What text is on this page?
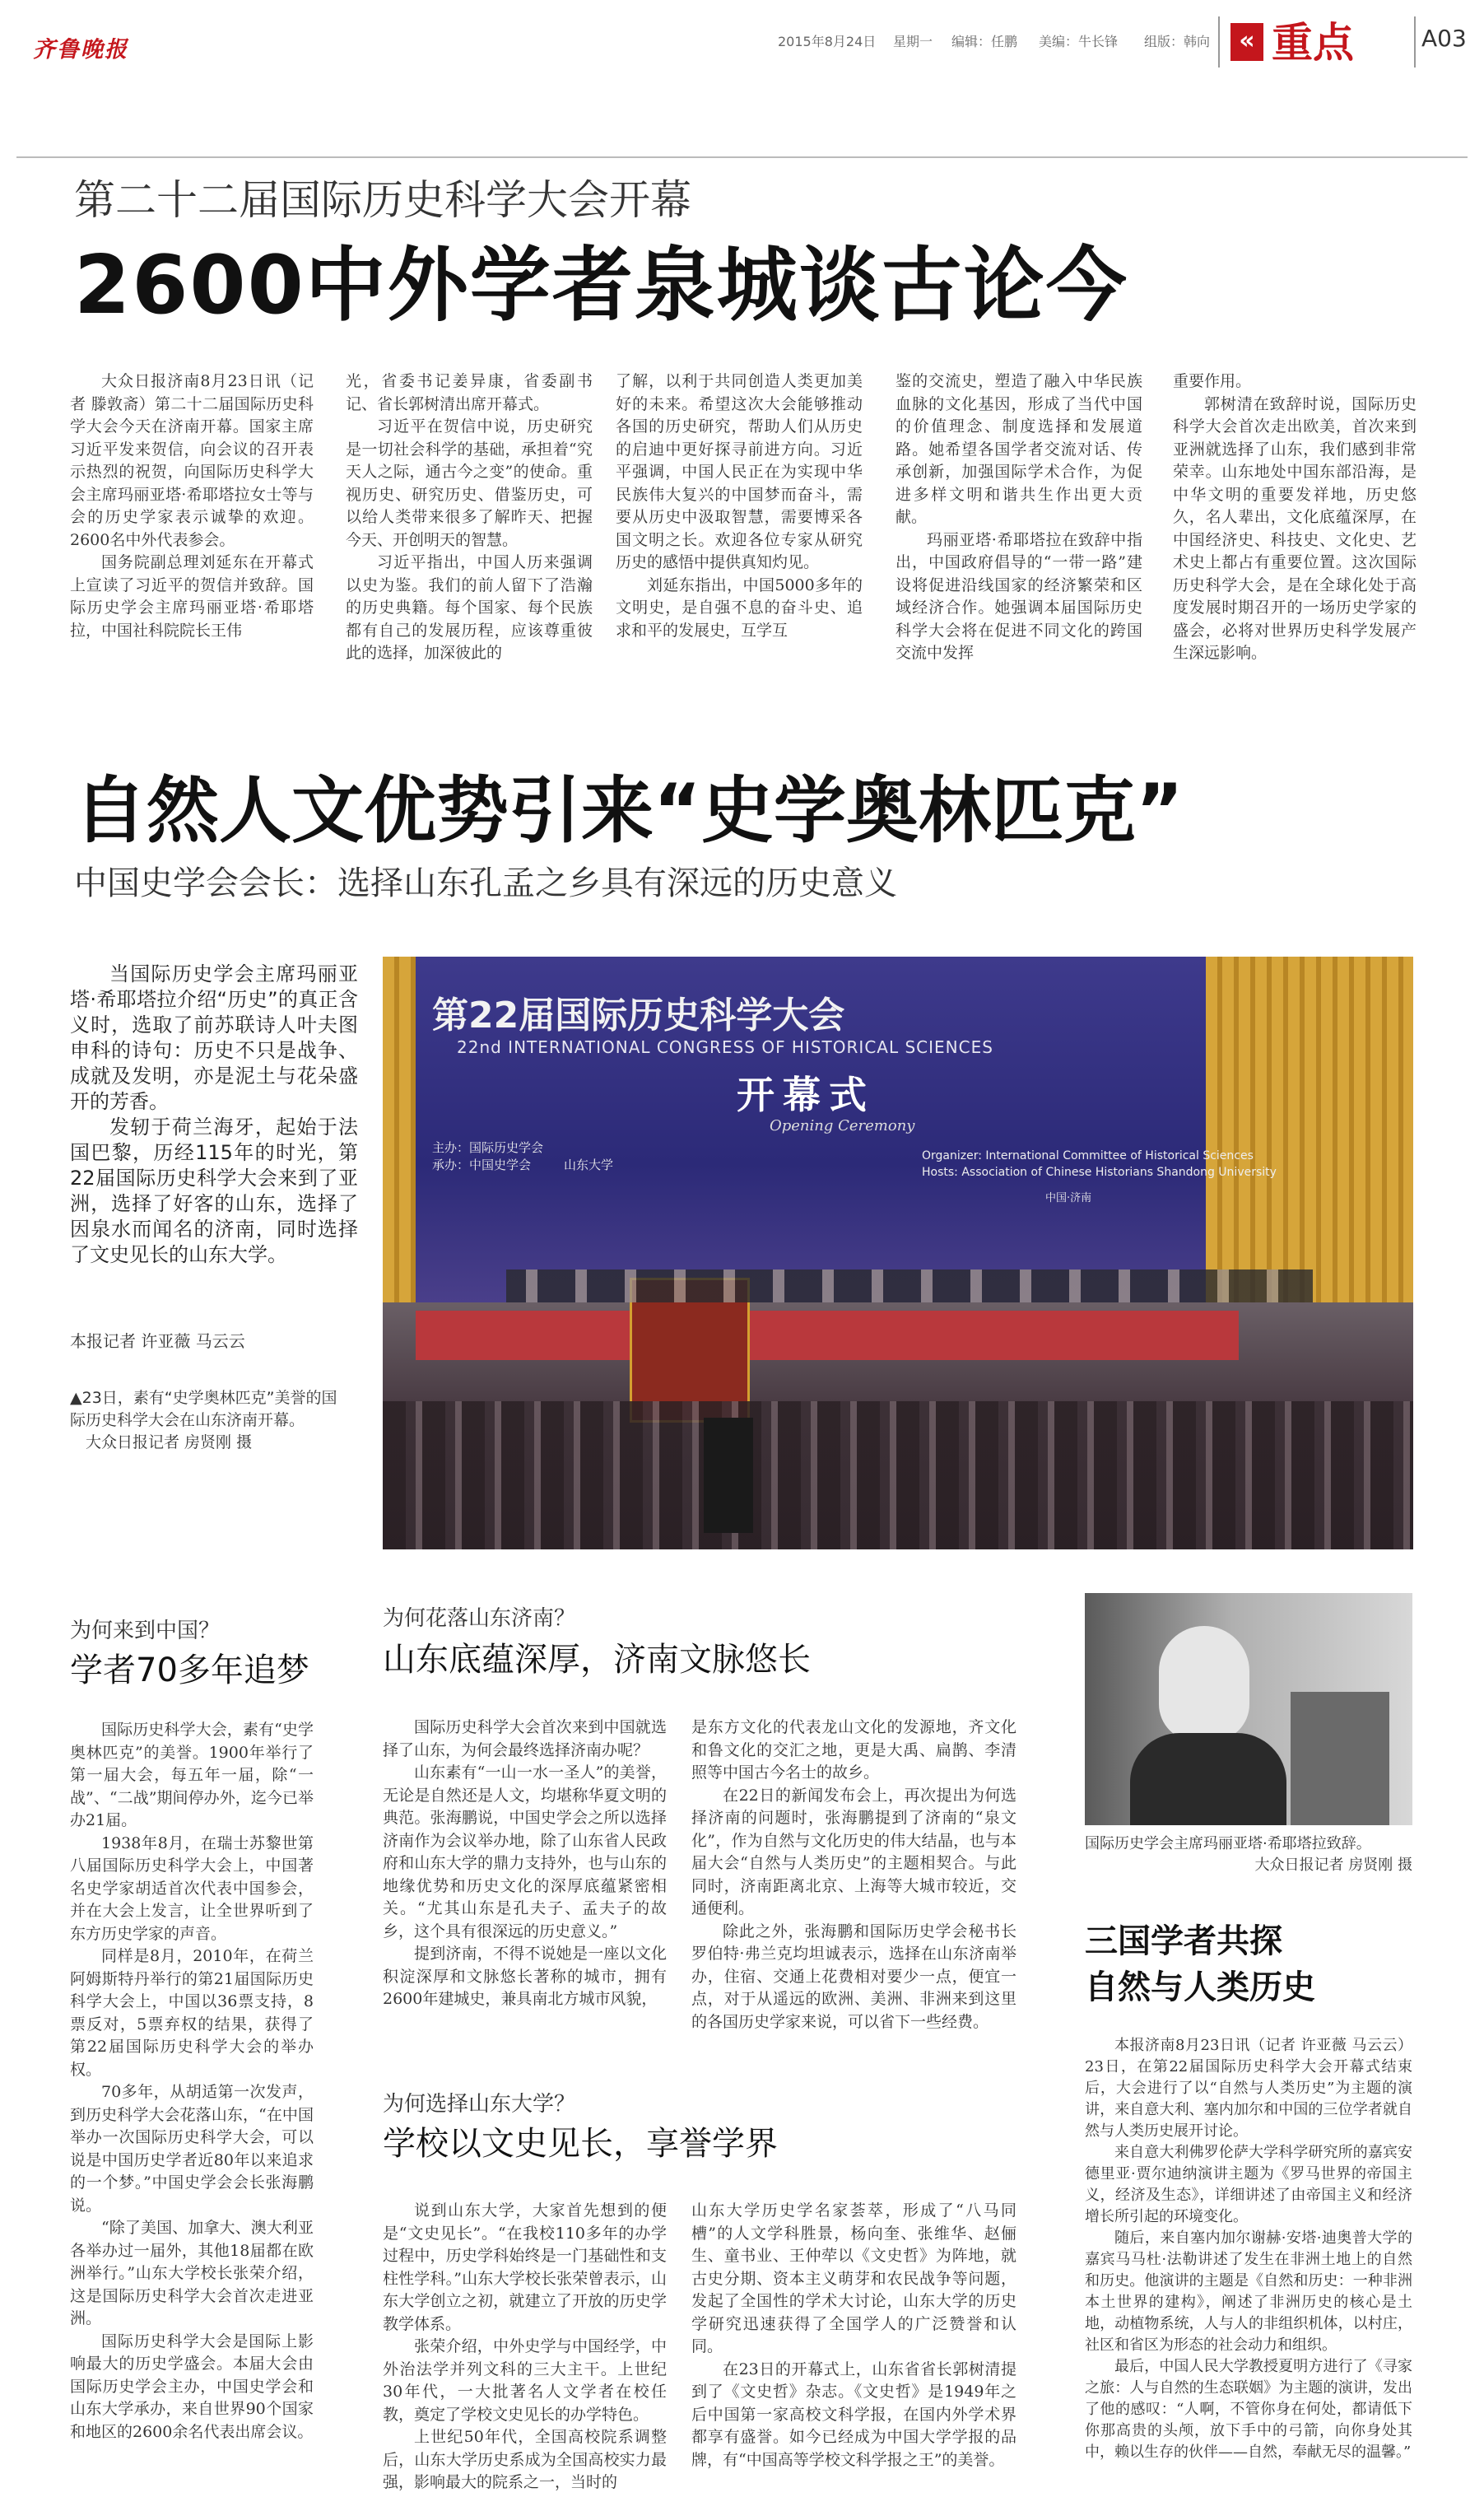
齐鲁晚报	2015年8月24日 星期一 编辑：任鹏 美编：牛长锋 组版：韩向	« 重点	A03
第二十二届国际历史科学大会开幕
2600中外学者泉城谈古论今

大众日报济南8月23日讯（记者 滕敦斋）第二十二届国际历史科学大会今天在济南开幕。国家主席习近平发来贺信，向会议的召开表示热烈的祝贺，向国际历史科学大会主席玛丽亚塔·希耶塔拉女士等与会的历史学家表示诚挚的欢迎。2600名中外代表参会。

国务院副总理刘延东在开幕式上宣读了习近平的贺信并致辞。国际历史学会主席玛丽亚塔·希耶塔拉，中国社科院院长王伟

光，省委书记姜异康，省委副书记、省长郭树清出席开幕式。

习近平在贺信中说，历史研究是一切社会科学的基础，承担着“究天人之际，通古今之变”的使命。重视历史、研究历史、借鉴历史，可以给人类带来很多了解昨天、把握今天、开创明天的智慧。

习近平指出，中国人历来强调以史为鉴。我们的前人留下了浩瀚的历史典籍。每个国家、每个民族都有自己的发展历程，应该尊重彼此的选择，加深彼此的

了解，以利于共同创造人类更加美好的未来。希望这次大会能够推动各国的历史研究，帮助人们从历史的启迪中更好探寻前进方向。习近平强调，中国人民正在为实现中华民族伟大复兴的中国梦而奋斗，需要从历史中汲取智慧，需要博采各国文明之长。欢迎各位专家从研究历史的感悟中提供真知灼见。

刘延东指出，中国5000多年的文明史，是自强不息的奋斗史、追求和平的发展史，互学互

鉴的交流史，塑造了融入中华民族血脉的文化基因，形成了当代中国的价值理念、制度选择和发展道路。她希望各国学者交流对话、传承创新，加强国际学术合作，为促进多样文明和谐共生作出更大贡献。

玛丽亚塔·希耶塔拉在致辞中指出，中国政府倡导的“一带一路”建设将促进沿线国家的经济繁荣和区域经济合作。她强调本届国际历史科学大会将在促进不同文化的跨国交流中发挥

重要作用。

郭树清在致辞时说，国际历史科学大会首次走出欧美，首次来到亚洲就选择了山东，我们感到非常荣幸。山东地处中国东部沿海，是中华文明的重要发祥地，历史悠久，名人辈出，文化底蕴深厚，在中国经济史、科技史、文化史、艺术史上都占有重要位置。这次国际历史科学大会，是在全球化处于高度发展时期召开的一场历史学家的盛会，必将对世界历史科学发展产生深远影响。

自然人文优势引来“史学奥林匹克”
中国史学会会长：选择山东孔孟之乡具有深远的历史意义

当国际历史学会主席玛丽亚塔·希耶塔拉介绍“历史”的真正含义时，选取了前苏联诗人叶夫图申科的诗句：历史不只是战争、成就及发明，亦是泥土与花朵盛开的芳香。

发轫于荷兰海牙，起始于法国巴黎，历经115年的时光，第22届国际历史科学大会来到了亚洲，选择了好客的山东，选择了因泉水而闻名的济南，同时选择了文史见长的山东大学。

本报记者 许亚薇 马云云
▲23日，素有“史学奥林匹克”美誉的国际历史科学大会在山东济南开幕。
大众日报记者 房贤刚 摄
第22届国际历史科学大会
22nd INTERNATIONAL CONGRESS OF HISTORICAL SCIENCES
开幕式
Opening Ceremony
主办：国际历史学会
承办：中国史学会	山东大学
Organizer: International Committee of Historical Sciences
Hosts: Association of Chinese Historians Shandong University
中国·济南
为何来到中国？
学者70多年追梦

国际历史科学大会，素有“史学奥林匹克”的美誉。1900年举行了第一届大会，每五年一届，除“一战”、“二战”期间停办外，迄今已举办21届。

1938年8月，在瑞士苏黎世第八届国际历史科学大会上，中国著名史学家胡适首次代表中国参会，并在大会上发言，让全世界听到了东方历史学家的声音。

同样是8月，2010年，在荷兰阿姆斯特丹举行的第21届国际历史科学大会上，中国以36票支持，8票反对，5票弃权的结果，获得了第22届国际历史科学大会的举办权。

70多年，从胡适第一次发声，到历史科学大会花落山东，“在中国举办一次国际历史科学大会，可以说是中国历史学者近80年以来追求的一个梦。”中国史学会会长张海鹏说。

“除了美国、加拿大、澳大利亚各举办过一届外，其他18届都在欧洲举行。”山东大学校长张荣介绍，这是国际历史科学大会首次走进亚洲。

国际历史科学大会是国际上影响最大的历史学盛会。本届大会由国际历史学会主办，中国史学会和山东大学承办，来自世界90个国家和地区的2600余名代表出席会议。

为何花落山东济南？
山东底蕴深厚，济南文脉悠长

国际历史科学大会首次来到中国就选择了山东，为何会最终选择济南办呢？

山东素有“一山一水一圣人”的美誉，无论是自然还是人文，均堪称华夏文明的典范。张海鹏说，中国史学会之所以选择济南作为会议举办地，除了山东省人民政府和山东大学的鼎力支持外，也与山东的地缘优势和历史文化的深厚底蕴紧密相关。“尤其山东是孔夫子、孟夫子的故乡，这个具有很深远的历史意义。”

提到济南，不得不说她是一座以文化积淀深厚和文脉悠长著称的城市，拥有2600年建城史，兼具南北方城市风貌，

是东方文化的代表龙山文化的发源地，齐文化和鲁文化的交汇之地，更是大禹、扁鹊、李清照等中国古今名士的故乡。

在22日的新闻发布会上，再次提出为何选择济南的问题时，张海鹏提到了济南的“泉文化”，作为自然与文化历史的伟大结晶，也与本届大会“自然与人类历史”的主题相契合。与此同时，济南距离北京、上海等大城市较近，交通便利。

除此之外，张海鹏和国际历史学会秘书长罗伯特·弗兰克均坦诚表示，选择在山东济南举办，住宿、交通上花费相对要少一点，便宜一点，对于从遥远的欧洲、美洲、非洲来到这里的各国历史学家来说，可以省下一些经费。

为何选择山东大学？
学校以文史见长，享誉学界

说到山东大学，大家首先想到的便是“文史见长”。“在我校110多年的办学过程中，历史学科始终是一门基础性和支柱性学科。”山东大学校长张荣曾表示，山东大学创立之初，就建立了开放的历史学教学体系。

张荣介绍，中外史学与中国经学，中外治法学并列文科的三大主干。上世纪30年代，一大批著名人文学者在校任教，奠定了学校文史见长的办学特色。

上世纪50年代，全国高校院系调整后，山东大学历史系成为全国高校实力最强，影响最大的院系之一，当时的

山东大学历史学名家荟萃，形成了“八马同槽”的人文学科胜景，杨向奎、张维华、赵俪生、童书业、王仲荦以《文史哲》为阵地，就古史分期、资本主义萌芽和农民战争等问题，发起了全国性的学术大讨论，山东大学的历史学研究迅速获得了全国学人的广泛赞誉和认同。

在23日的开幕式上，山东省省长郭树清提到了《文史哲》杂志。《文史哲》是1949年之后中国第一家高校文科学报，在国内外学术界都享有盛誉。如今已经成为中国大学学报的品牌，有“中国高等学校文科学报之王”的美誉。

国际历史学会主席玛丽亚塔·希耶塔拉致辞。
大众日报记者 房贤刚 摄
三国学者共探
自然与人类历史

本报济南8月23日讯（记者 许亚薇 马云云） 23日，在第22届国际历史科学大会开幕式结束后，大会进行了以“自然与人类历史”为主题的演讲，来自意大利、塞内加尔和中国的三位学者就自然与人类历史展开讨论。

来自意大利佛罗伦萨大学科学研究所的嘉宾安德里亚·贾尔迪纳演讲主题为《罗马世界的帝国主义，经济及生态》，详细讲述了由帝国主义和经济增长所引起的环境变化。

随后，来自塞内加尔谢赫·安塔·迪奥普大学的嘉宾马马杜·法勒讲述了发生在非洲土地上的自然和历史。他演讲的主题是《自然和历史：一种非洲本土世界的建构》，阐述了非洲历史的核心是土地，动植物系统，人与人的非组织机体，以村庄，社区和省区为形态的社会动力和组织。

最后，中国人民大学教授夏明方进行了《寻家之旅：人与自然的生态联姻》为主题的演讲，发出了他的感叹：“人啊，不管你身在何处，都请低下你那高贵的头颅，放下手中的弓箭，向你身处其中，赖以生存的伙伴——自然，奉献无尽的温馨。”
